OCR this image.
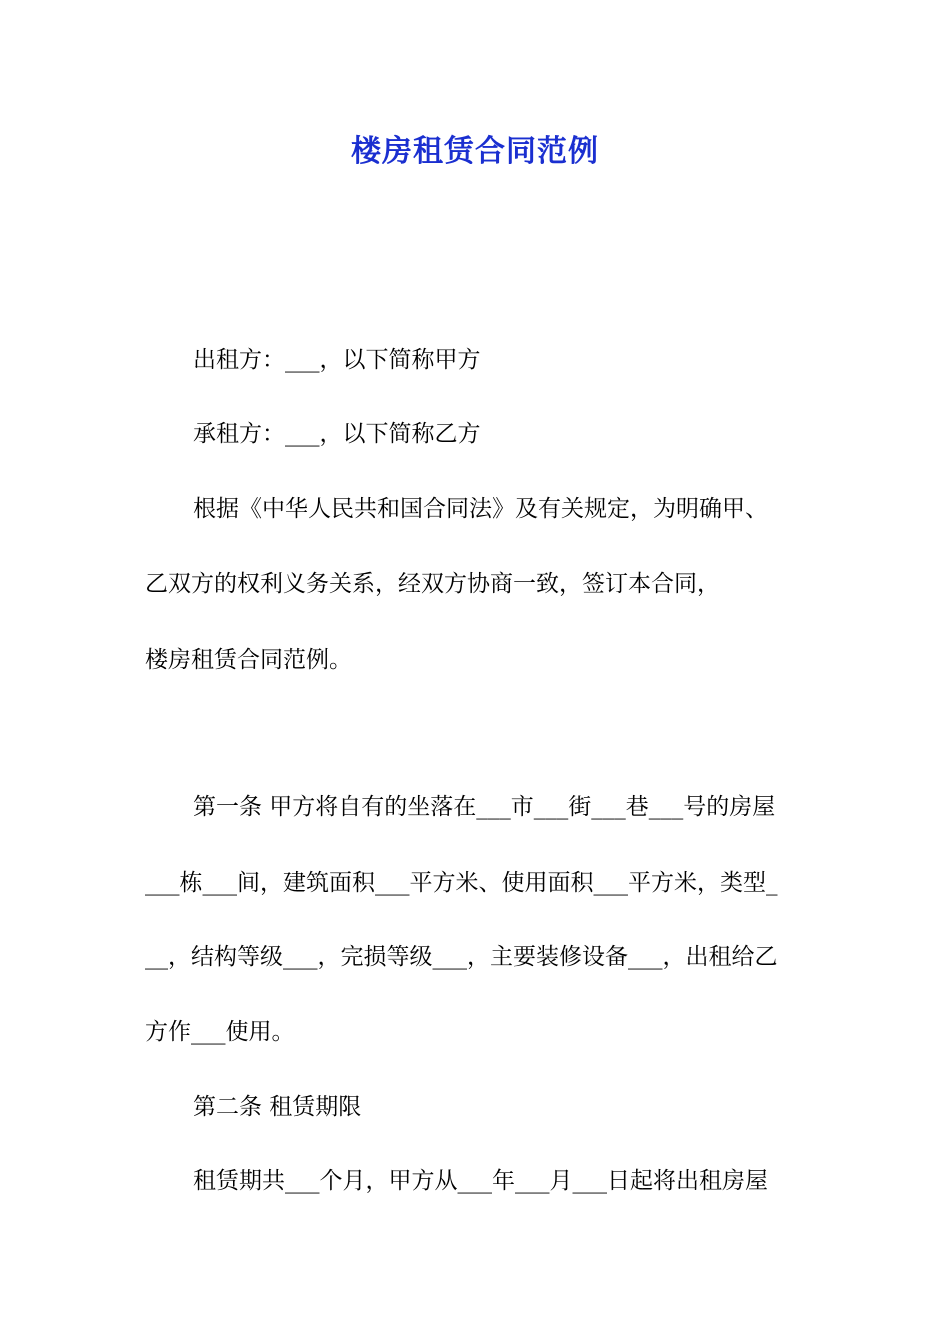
楼房租赁合同范例
出租方：___，以下简称甲方
承租方：___，以下简称乙方
根据《中华人民共和国合同法》及有关规定，为明确甲、
乙双方的权利义务关系，经双方协商一致，签订本合同，
楼房租赁合同范例。
第一条 甲方将自有的坐落在___市___街___巷___号的房屋
___栋___间，建筑面积___平方米、使用面积___平方米，类型_
__，结构等级___，完损等级___，主要装修设备___，出租给乙
方作___使用。
第二条 租赁期限
租赁期共___个月，甲方从___年___月___日起将出租房屋
